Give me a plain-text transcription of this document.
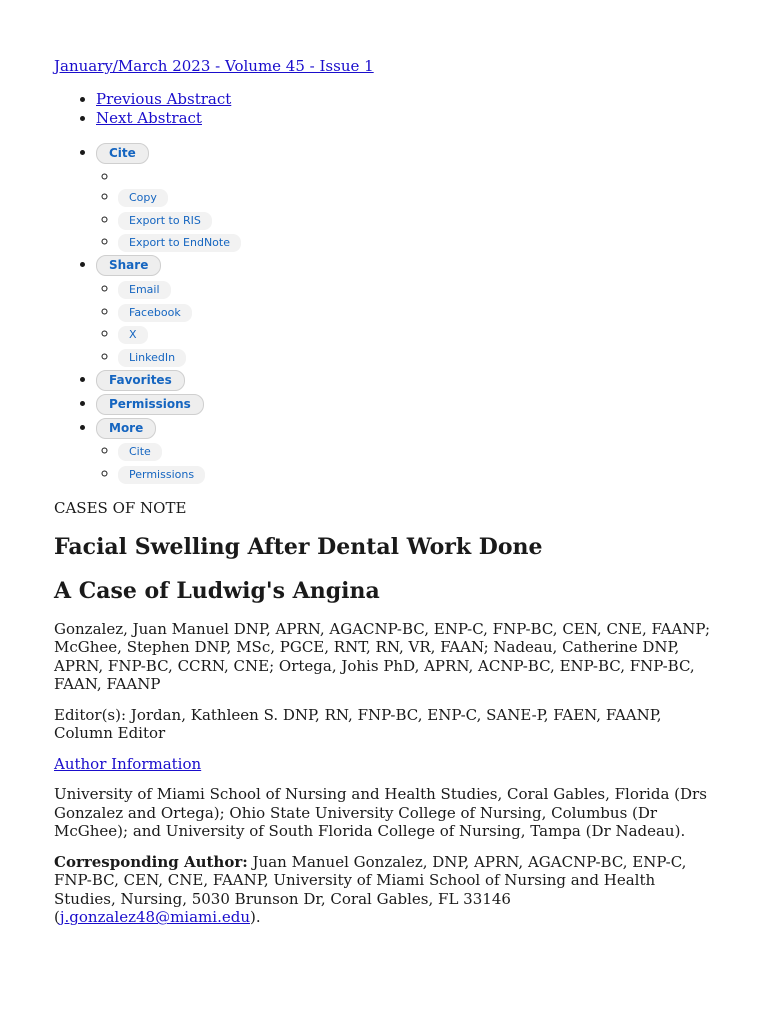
January/March 2023 - Volume 45 - Issue 1
• Previous Abstract
• Next Abstract
• Cite
◦
◦ Copy
◦ Export to RIS
◦ Export to EndNote
• Share
◦ Email
◦ Facebook
◦ X
◦ LinkedIn
• Favorites
• Permissions
• More
◦ Cite
◦ Permissions
CASES OF NOTE
Facial Swelling After Dental Work Done
A Case of Ludwig's Angina

Gonzalez, Juan Manuel DNP, APRN, AGACNP-BC, ENP-C, FNP-BC, CEN, CNE, FAANP; McGhee, Stephen DNP, MSc, PGCE, RNT, RN, VR, FAAN; Nadeau, Catherine DNP, APRN, FNP-BC, CCRN, CNE; Ortega, Johis PhD, APRN, ACNP-BC, ENP-BC, FNP-BC, FAAN, FAANP

Editor(s): Jordan, Kathleen S. DNP, RN, FNP-BC, ENP-C, SANE-P, FAEN, FAANP, Column Editor

Author Information

University of Miami School of Nursing and Health Studies, Coral Gables, Florida (Drs Gonzalez and Ortega); Ohio State University College of Nursing, Columbus (Dr McGhee); and University of South Florida College of Nursing, Tampa (Dr Nadeau).

Corresponding Author: Juan Manuel Gonzalez, DNP, APRN, AGACNP-BC, ENP-C, FNP-BC, CEN, CNE, FAANP, University of Miami School of Nursing and Health Studies, Nursing, 5030 Brunson Dr, Coral Gables, FL 33146 (j.gonzalez48@miami.edu).
